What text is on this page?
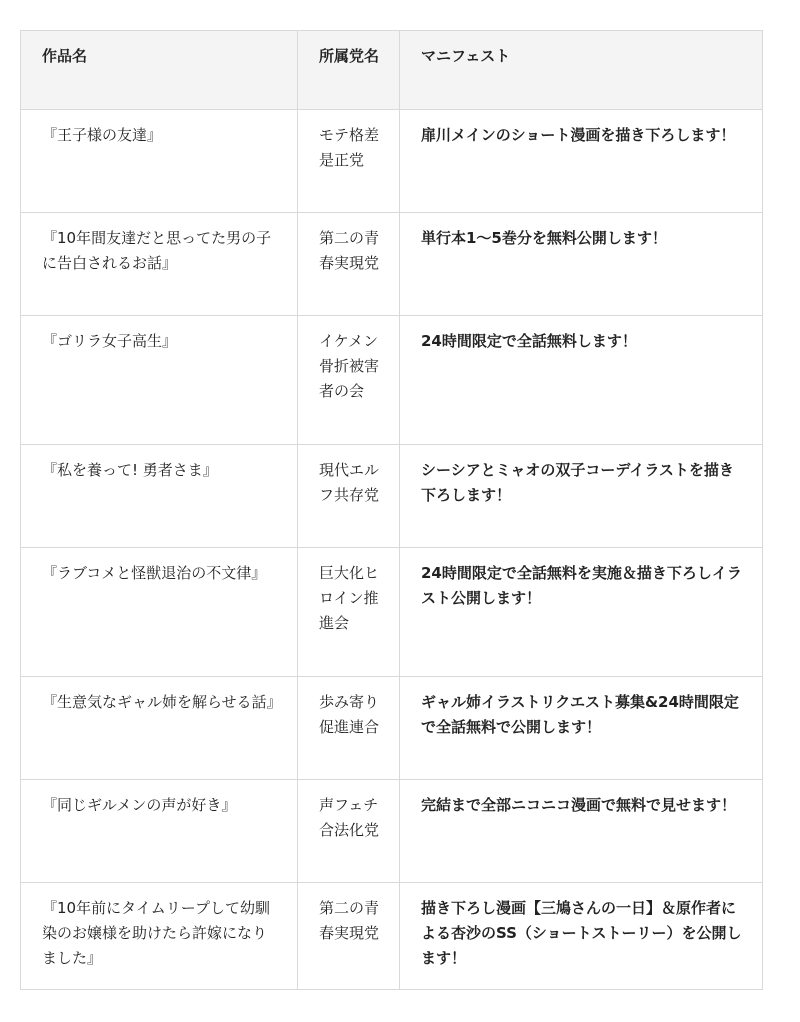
作品名	所属党名	マニフェスト
『王子様の友達』	モテ格差是正党	扉川メインのショート漫画を描き下ろします！
『10年間友達だと思ってた男の子に告白されるお話』	第二の青春実現党	単行本1～5巻分を無料公開します！
『ゴリラ女子高生』	イケメン骨折被害者の会	24時間限定で全話無料します！
『私を養って! 勇者さま』	現代エルフ共存党	シーシアとミャオの双子コーデイラストを描き下ろします！
『ラブコメと怪獣退治の不文律』	巨大化ヒロイン推進会	24時間限定で全話無料を実施＆描き下ろしイラスト公開します！
『生意気なギャル姉を解らせる話』	歩み寄り促進連合	ギャル姉イラストリクエスト募集&24時間限定で全話無料で公開します！
『同じギルメンの声が好き』	声フェチ合法化党	完結まで全部ニコニコ漫画で無料で見せます！
『10年前にタイムリープして幼馴染のお嬢様を助けたら許嫁になりました』	第二の青春実現党	描き下ろし漫画【三鳩さんの一日】＆原作者による杏沙のSS（ショートストーリー）を公開します！
